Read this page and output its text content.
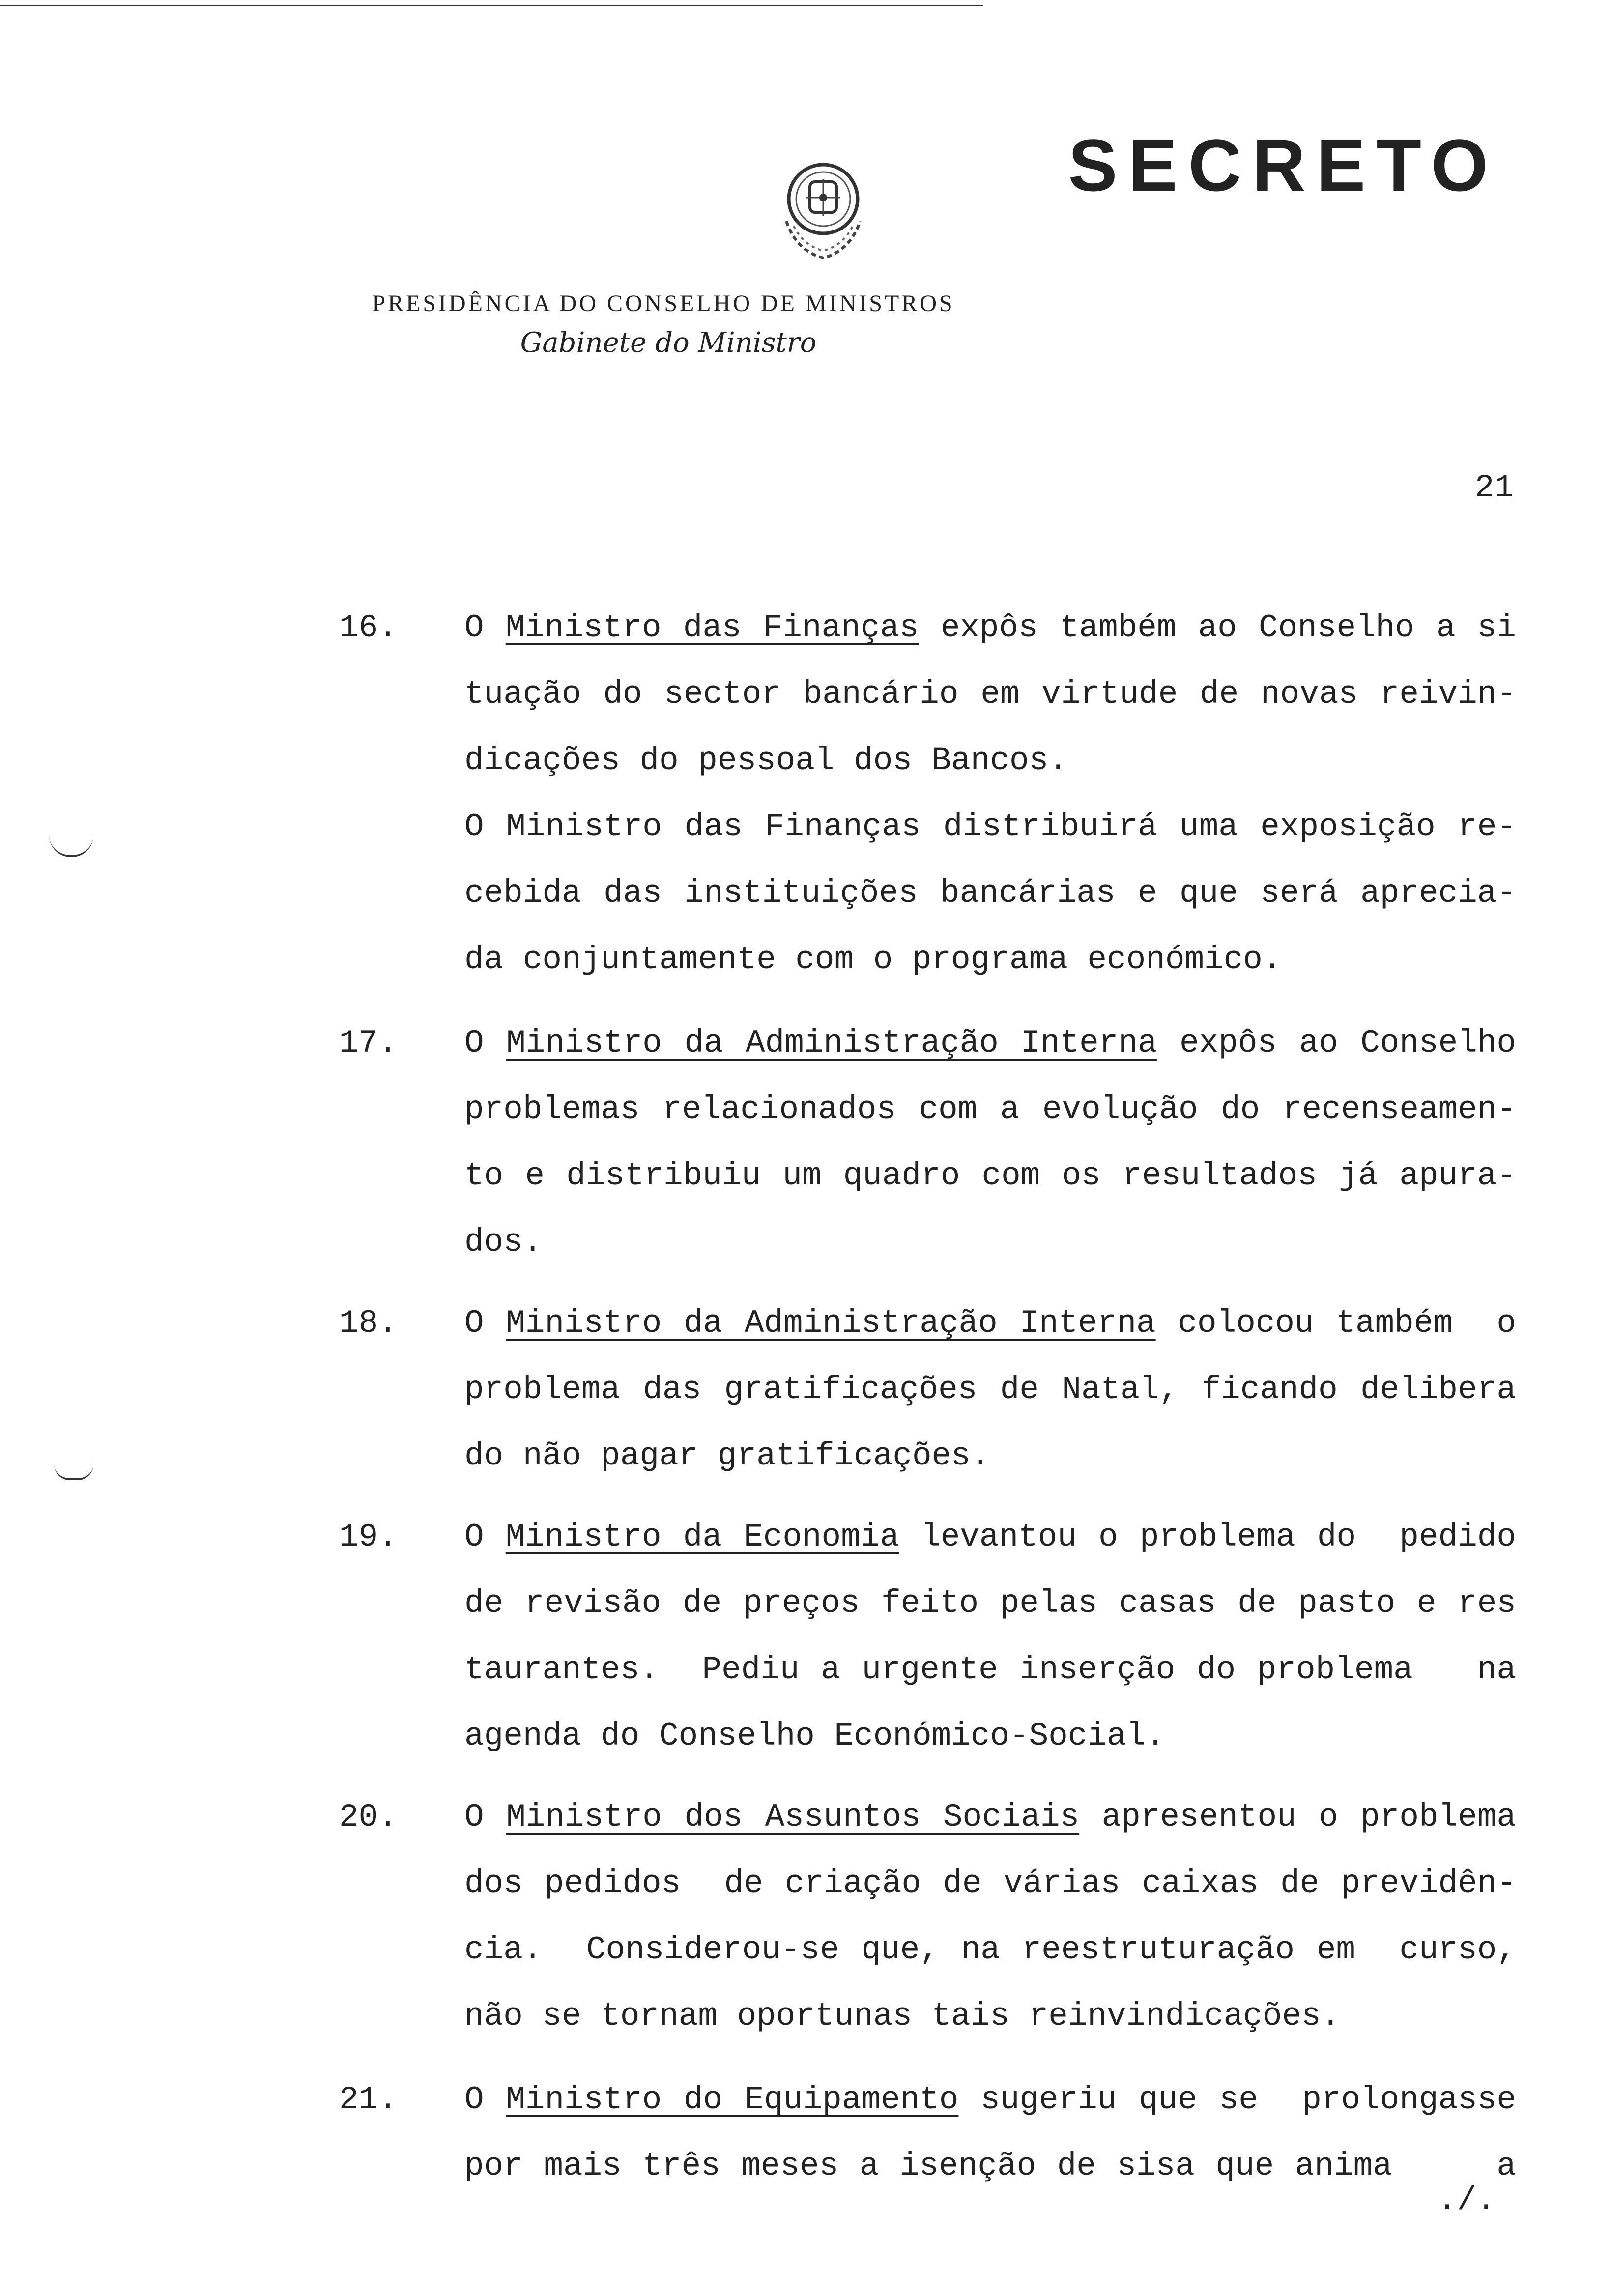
SECRETO
PRESIDÊNCIA DO CONSELHO DE MINISTROS
Gabinete do Ministro
21
16. O Ministro das Finanças expôs também ao Conselho a si
tuação do sector bancário em virtude de novas reivin-
dicações do pessoal dos Bancos.
O Ministro das Finanças distribuirá uma exposição re-
cebida das instituições bancárias e que será aprecia-
da conjuntamente com o programa económico.
17. O Ministro da Administração Interna expôs ao Conselho
problemas relacionados com a evolução do recenseamen-
to e distribuiu um quadro com os resultados já apura-
dos.
18. O Ministro da Administração Interna colocou também  o
problema das gratificações de Natal, ficando delibera
do não pagar gratificações.
19. O Ministro da Economia levantou o problema do  pedido
de revisão de preços feito pelas casas de pasto e res
taurantes.  Pediu a urgente inserção do problema   na
agenda do Conselho Económico-Social.
20. O Ministro dos Assuntos Sociais apresentou o problema
dos pedidos  de criação de várias caixas de previdên-
cia.  Considerou-se que, na reestruturação em  curso,
não se tornam oportunas tais reinvindicações.
21. O Ministro do Equipamento sugeriu que se  prolongasse
por mais três meses a isenção de sisa que anima     a
./.
